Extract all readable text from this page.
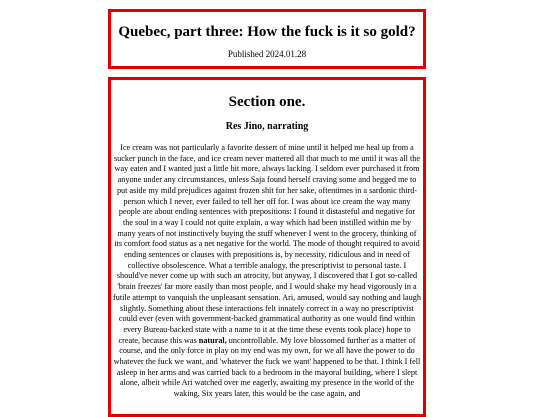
Quebec, part three: How the fuck is it so gold?
Published 2024.01.28
Section one.
Res Jino, narrating

Ice cream was not particularly a favorite dessert of mine until it helped me heal up from a sucker punch in the face, and ice cream never mattered all that much to me until it was all the way eaten and I wanted just a little bit more, always lacking. I seldom ever purchased it from anyone under any circumstances, unless Saja found herself craving some and begged me to put aside my mild prejudices against frozen shit for her sake, oftentimes in a sardonic third-person which I never, ever failed to tell her off for. I was about ice cream the way many people are about ending sentences with prepositions: I found it distasteful and negative for the soul in a way I could not quite explain, a way which had been instilled within me by many years of not instinctively buying the stuff whenever I went to the grocery, thinking of its comfort food status as a net negative for the world. The mode of thought required to avoid ending sentences or clauses with prepositions is, by necessity, ridiculous and in need of collective obsolescence. What a terrible analogy, the prescriptivist to personal taste. I should've never come up with such an atrocity, but anyway, I discovered that I got so-called 'brain freezes' far more easily than most people, and I would shake my head vigorously in a futile attempt to vanquish the unpleasant sensation. Ari, amused, would say nothing and laugh slightly. Something about these interactions felt innately correct in a way no prescriptivist could ever (even with government-backed grammatical authority as one would find within every Bureau-backed state with a name to it at the time these events took place) hope to create, because this was natural, uncontrollable. My love blossomed further as a matter of course, and the only force in play on my end was my own, for we all have the power to do whatever the fuck we want, and 'whatever the fuck we want' happened to be that. I think I fell asleep in her arms and was carried back to a bedroom in the mayoral building, where I slept alone, albeit while Ari watched over me eagerly, awaiting my presence in the world of the waking. Six years later, this would be the case again, and
